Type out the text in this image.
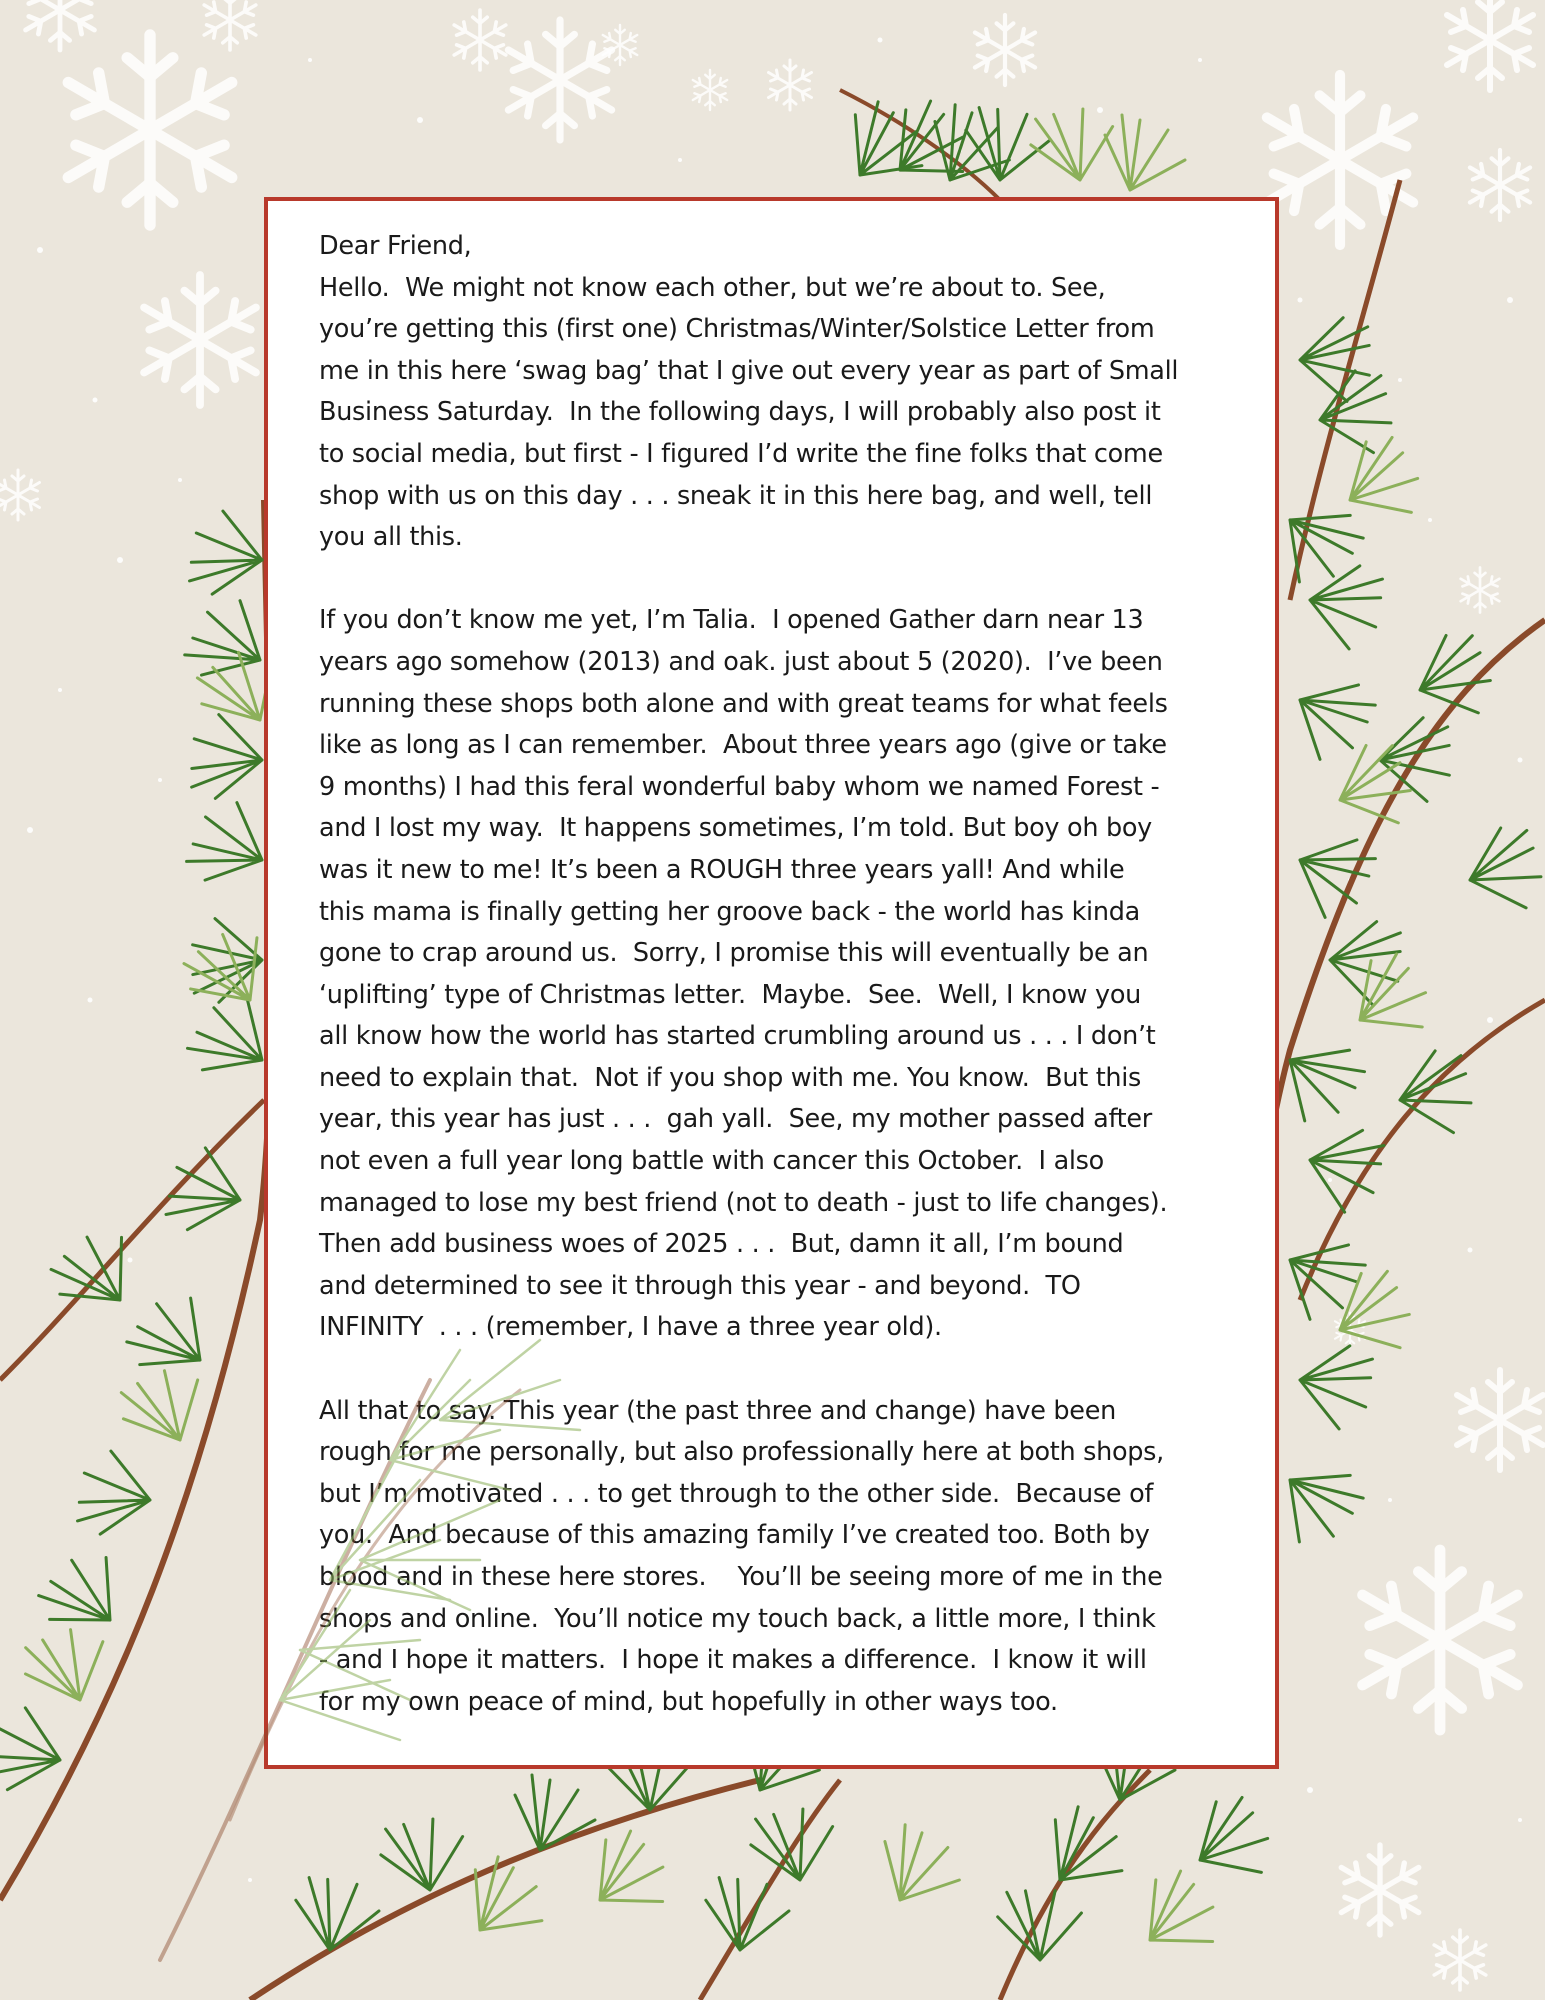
Dear Friend,
Hello.  We might not know each other, but we’re about to. See,
you’re getting this (first one) Christmas/Winter/Solstice Letter from
me in this here ‘swag bag’ that I give out every year as part of Small
Business Saturday.  In the following days, I will probably also post it
to social media, but first - I figured I’d write the fine folks that come
shop with us on this day . . . sneak it in this here bag, and well, tell
you all this.

If you don’t know me yet, I’m Talia.  I opened Gather darn near 13
years ago somehow (2013) and oak. just about 5 (2020).  I’ve been
running these shops both alone and with great teams for what feels
like as long as I can remember.  About three years ago (give or take
9 months) I had this feral wonderful baby whom we named Forest -
and I lost my way.  It happens sometimes, I’m told. But boy oh boy
was it new to me! It’s been a ROUGH three years yall! And while
this mama is finally getting her groove back - the world has kinda
gone to crap around us.  Sorry, I promise this will eventually be an
‘uplifting’ type of Christmas letter.  Maybe.  See.  Well, I know you
all know how the world has started crumbling around us . . . I don’t
need to explain that.  Not if you shop with me. You know.  But this
year, this year has just . . .  gah yall.  See, my mother passed after
not even a full year long battle with cancer this October.  I also
managed to lose my best friend (not to death - just to life changes).
Then add business woes of 2025 . . .  But, damn it all, I’m bound
and determined to see it through this year - and beyond.  TO
INFINITY  . . . (remember, I have a three year old).

All that to say. This year (the past three and change) have been
rough for me personally, but also professionally here at both shops,
but I’m motivated . . . to get through to the other side.  Because of
you.  And because of this amazing family I’ve created too. Both by
blood and in these here stores.    You’ll be seeing more of me in the
shops and online.  You’ll notice my touch back, a little more, I think
- and I hope it matters.  I hope it makes a difference.  I know it will
for my own peace of mind, but hopefully in other ways too.
